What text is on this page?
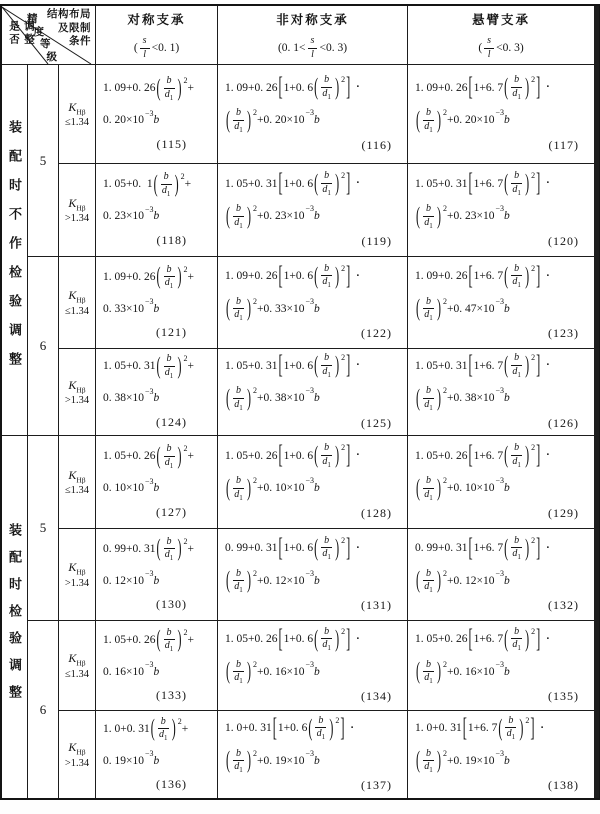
结构布局
及限制
条件
精
度
等
级
是否调整
对称支承
( $\frac{s}{l} <0$. 1)
非对称支承
(0. $1< \frac{s}{l} <0$. 3)
悬臂支承
( $\frac{s}{l} <0$. 3)
装配时不作检验调整 5
6
装配时检验调整 5
6
$K_{H\beta}$
≤1.34
1. 09+0. 26 ( $\frac{b}{d_1}$ ) $^2$
+
0. 20 ×10
$^{-3}$
b
(115)
1. 09+0. 26 [ 1+0. 6 ( $\frac{b}{d_1}$ ) $^2$ ] ·
( $\frac{b}{d_1}$ ) $^2$
+ 0. 20 ×10
$^{-3}$
b
(116)
1. 09+0. 26 [ 1+6. 7 ( $\frac{b}{d_1}$ ) $^2$ ] ·
( $\frac{b}{d_1}$ ) $^2$
+ 0. 20 ×10
$^{-3}$
b
(117)
$K_{H\beta}$
>1.34
1. 05+0.  1 ( $\frac{b}{d_1}$ ) $^2$
+
0. 23 ×10
$^{-3}$
b
(118)
1. 05+0. 31 [ 1+0. 6 ( $\frac{b}{d_1}$ ) $^2$ ] ·
( $\frac{b}{d_1}$ ) $^2$
+ 0. 23 ×10
$^{-3}$
b
(119)
1. 05+0. 31 [ 1+6. 7 ( $\frac{b}{d_1}$ ) $^2$ ] ·
( $\frac{b}{d_1}$ ) $^2$
+ 0. 23 ×10
$^{-3}$
b
(120)
$K_{H\beta}$
≤1.34
1. 09+0. 26 ( $\frac{b}{d_1}$ ) $^2$
+
0. 33 ×10
$^{-3}$
b
(121)
1. 09+0. 26 [ 1+0. 6 ( $\frac{b}{d_1}$ ) $^2$ ] ·
( $\frac{b}{d_1}$ ) $^2$
+ 0. 33 ×10
$^{-3}$
b
(122)
1. 09+0. 26 [ 1+6. 7 ( $\frac{b}{d_1}$ ) $^2$ ] ·
( $\frac{b}{d_1}$ ) $^2$
+ 0. 47 ×10
$^{-3}$
b
(123)
$K_{H\beta}$
>1.34
1. 05+0. 31 ( $\frac{b}{d_1}$ ) $^2$
+
0. 38 ×10
$^{-3}$
b
(124)
1. 05+0. 31 [ 1+0. 6 ( $\frac{b}{d_1}$ ) $^2$ ] ·
( $\frac{b}{d_1}$ ) $^2$
+ 0. 38 ×10
$^{-3}$
b
(125)
1. 05+0. 31 [ 1+6. 7 ( $\frac{b}{d_1}$ ) $^2$ ] ·
( $\frac{b}{d_1}$ ) $^2$
+ 0. 38 ×10
$^{-3}$
b
(126)
$K_{H\beta}$
≤1.34
1. 05+0. 26 ( $\frac{b}{d_1}$ ) $^2$
+
0. 10 ×10
$^{-3}$
b
(127)
1. 05+0. 26 [ 1+0. 6 ( $\frac{b}{d_1}$ ) $^2$ ] ·
( $\frac{b}{d_1}$ ) $^2$
+ 0. 10 ×10
$^{-3}$
b
(128)
1. 05+0. 26 [ 1+6. 7 ( $\frac{b}{d_1}$ ) $^2$ ] ·
( $\frac{b}{d_1}$ ) $^2$
+ 0. 10 ×10
$^{-3}$
b
(129)
$K_{H\beta}$
>1.34
0. 99+0. 31 ( $\frac{b}{d_1}$ ) $^2$
+
0. 12 ×10
$^{-3}$
b
(130)
0. 99+0. 31 [ 1+0. 6 ( $\frac{b}{d_1}$ ) $^2$ ] ·
( $\frac{b}{d_1}$ ) $^2$
+ 0. 12 ×10
$^{-3}$
b
(131)
0. 99+0. 31 [ 1+6. 7 ( $\frac{b}{d_1}$ ) $^2$ ] ·
( $\frac{b}{d_1}$ ) $^2$
+ 0. 12 ×10
$^{-3}$
b
(132)
$K_{H\beta}$
≤1.34
1. 05+0. 26 ( $\frac{b}{d_1}$ ) $^2$
+
0. 16 ×10
$^{-3}$
b
(133)
1. 05+0. 26 [ 1+0. 6 ( $\frac{b}{d_1}$ ) $^2$ ] ·
( $\frac{b}{d_1}$ ) $^2$
+ 0. 16 ×10
$^{-3}$
b
(134)
1. 05+0. 26 [ 1+6. 7 ( $\frac{b}{d_1}$ ) $^2$ ] ·
( $\frac{b}{d_1}$ ) $^2$
+ 0. 16 ×10
$^{-3}$
b
(135)
$K_{H\beta}$
>1.34
1. 0+0. 31 ( $\frac{b}{d_1}$ ) $^2$
+
0. 19 ×10
$^{-3}$
b
(136)
1. 0+0. 31 [ 1+0. 6 ( $\frac{b}{d_1}$ ) $^2$ ] ·
( $\frac{b}{d_1}$ ) $^2$
+ 0. 19 ×10
$^{-3}$
b
(137)
1. 0+0. 31 [ 1+6. 7 ( $\frac{b}{d_1}$ ) $^2$ ] ·
( $\frac{b}{d_1}$ ) $^2$
+ 0. 19 ×10
$^{-3}$
b
(138)
